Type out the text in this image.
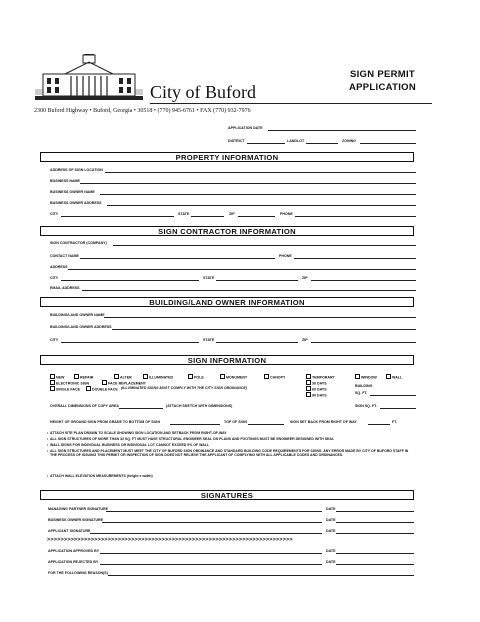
City of Buford
SIGN PERMIT
APPLICATION
2300 Buford Highway • Buford, Georgia • 30518 • (770) 945-6761 • FAX (770) 932-7976
APPLICATION DATE
DISTRICT	LANDLOT	ZONING
PROPERTY INFORMATION
ADDRESS OF SIGN LOCATION
BUSINESS NAME
BUSINESS OWNER NAME
BUSINESS OWNER ADDRESS
CITY	STATE	ZIP	PHONE
SIGN CONTRACTOR INFORMATION
SIGN CONTRACTOR (COMPANY)
CONTACT NAME	PHONE
ADDRESS
CITY	STATE	ZIP
EMAIL ADDRESS
BUILDING/LAND OWNER INFORMATION
BUILDING/LAND OWNER NAME
BUILDING/LAND OWNER ADDRESS
CITY	STATE	ZIP
SIGN INFORMATION
NEW	REPAIR	ALTER	ILLUMINATED	POLE	MONUMENT	CANOPY	TEMPORARY	WINDOW	WALL
ELECTRONIC SIGN	FACE REPLACEMENT	30 DAYS
BUILDING
SINGLE FACE	DOUBLE FACE (ILLUMINATED SIGNS MUST COMPLY WITH THE CITY SIGN ORDINANCE)	60 DAYS
90 DAYS
SQ. FT.
OVERALL DIMENSIONS OF COPY AREA	(ATTACH SKETCH WITH DIMENSIONS)	SIGN SQ. FT.
HEIGHT OF GROUND SIGN FROM GRADE TO BOTTOM OF SIGN	TOP OF SIGN	SIGN SET BACK FROM RIGHT OF WAY	FT.
• ATTACH SITE PLAN DRAWN TO SCALE SHOWING SIGN LOCATION AND SETBACK FROM RIGHT-OF-WAY
• ALL SIGN STRUCTURES OF MORE THAN 32 SQ. FT MUST HAVE STRUCTURAL ENGINEER SEAL ON PLANS AND FOOTINGS MUST BE ENGINEER DESIGNED WITH SEAL
• WALL SIGNS FOR INDIVIDUAL BUSINESS OR INDIVIDUAL LOT CANNOT EXCEED 5% OF WALL
• ALL SIGN STRUCTURES AND PLACEMENT MUST MEET THE CITY OF BUFORD SIGN ORDINANCE AND STANDARD BUILDING CODE REQUIREMENTS FOR SIGNS. ANY ERROR MADE BY CITY OF BUFORD STAFF IN THE PROCESS OF ISSUING THIS PERMIT OR INSPECTION OF SIGN DOES NOT RELIEVE THE APPLICANT OF COMPLYING WITH ALL APPLICABLE CODES AND ORDINANCES.
• ATTACH WALL ELEVATION MEASUREMENTS (height x width)
SIGNATURES
MANAGING PARTNER SIGNATURE	DATE
BUSINESS OWNER SIGNATURE	DATE
APPLICANT SIGNATURE	DATE
>>>>>>>>>>>>>>>>>>>>>>>>>>>>>>>>>>>>>>>>>>>>>>>>>>>>>>>>>>>>>>>>>>>>>>>>>
APPLICATION APPROVED BY	DATE
APPLICATION REJECTED BY	DATE
FOR THE FOLLOWING REASON(S)
